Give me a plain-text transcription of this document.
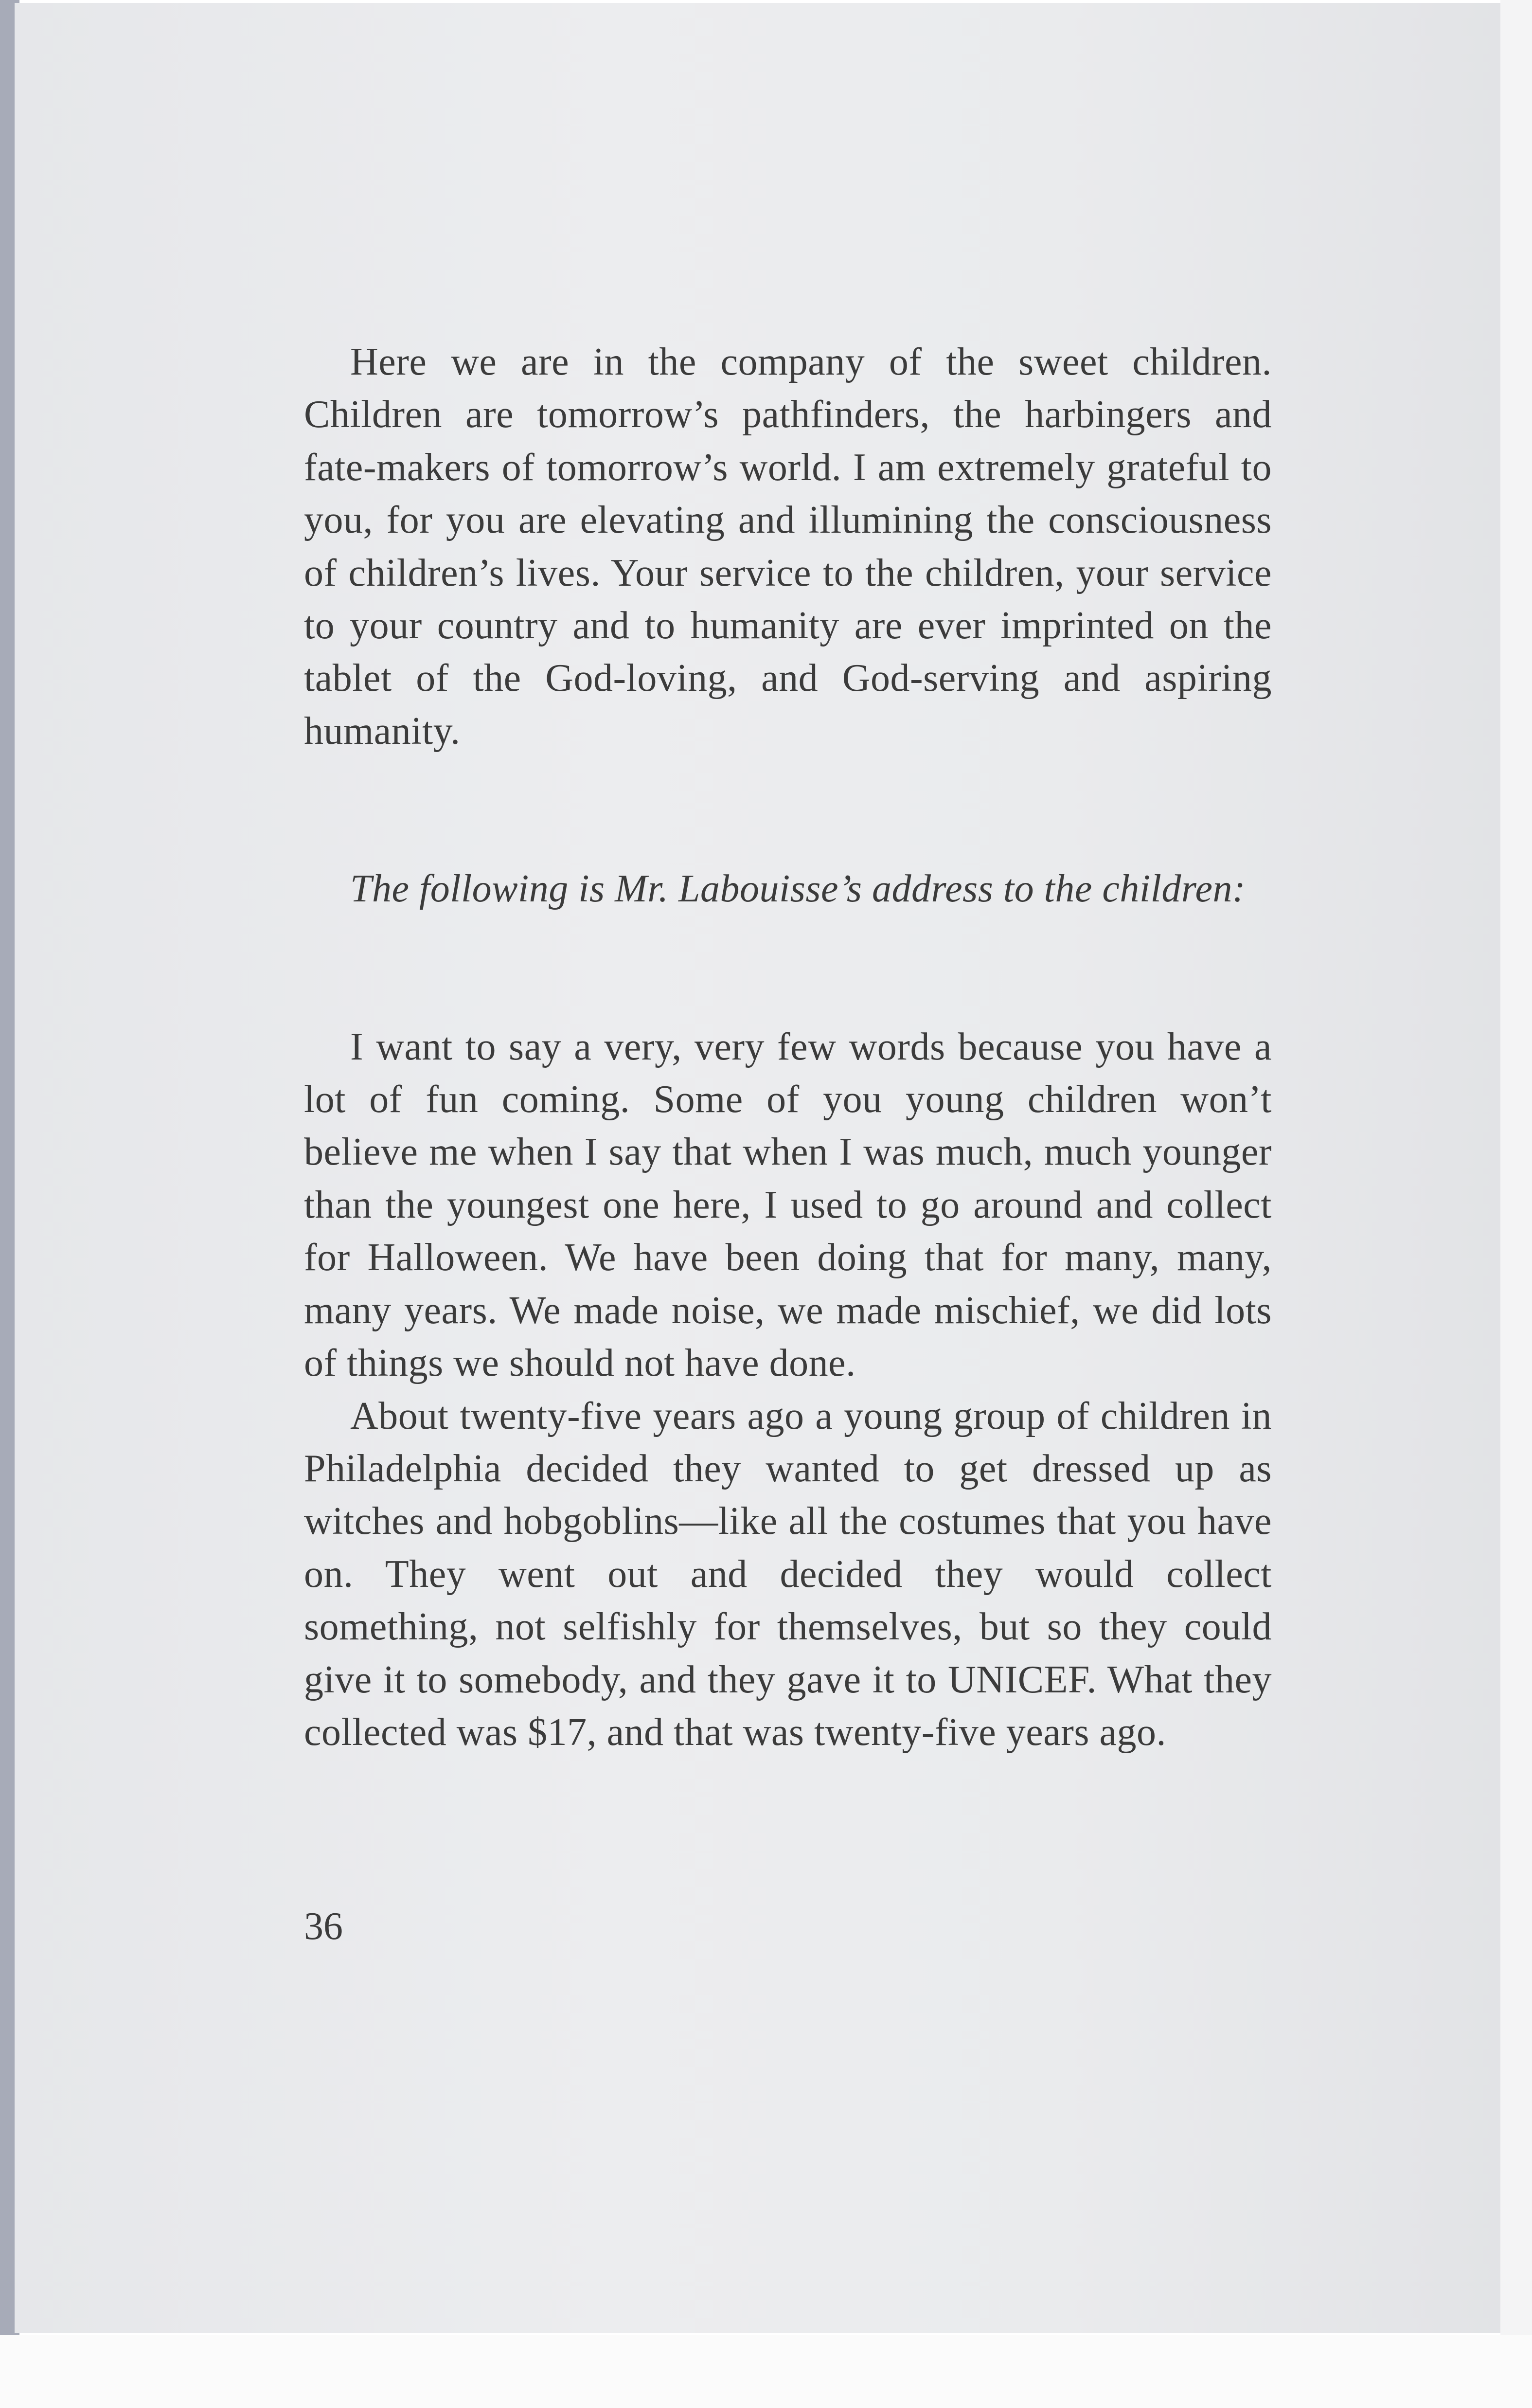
Here we are in the company of the sweet children. Children are tomorrow’s pathfinders, the harbingers and fate-makers of tomorrow’s world. I am extremely grateful to you, for you are elevating and illumining the consciousness of children’s lives. Your service to the children, your service to your country and to humanity are ever imprinted on the tablet of the God-loving, and God-serving and aspiring humanity.

The following is Mr. Labouisse’s address to the children:

I want to say a very, very few words because you have a lot of fun coming. Some of you young children won’t believe me when I say that when I was much, much younger than the youngest one here, I used to go around and collect for Halloween. We have been doing that for many, many, many years. We made noise, we made mischief, we did lots of things we should not have done.

About twenty-five years ago a young group of children in Philadelphia decided they wanted to get dressed up as witches and hobgoblins—like all the costumes that you have on. They went out and decided they would collect something, not selfishly for themselves, but so they could give it to somebody, and they gave it to UNICEF. What they collected was $17, and that was twenty-five years ago.

36
